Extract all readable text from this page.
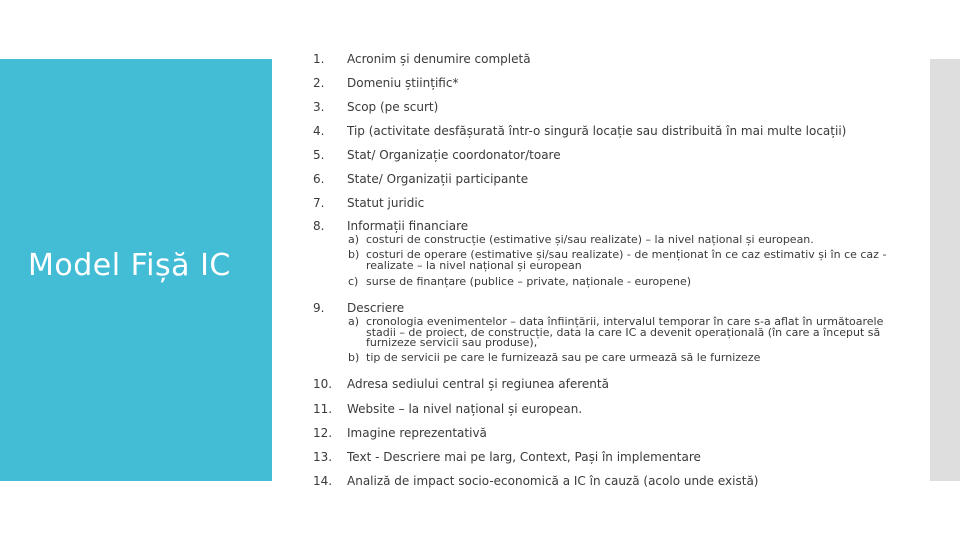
Model Fișă IC
1. Acronim și denumire completă
2. Domeniu științific*
3. Scop (pe scurt)
4. Tip (activitate desfășurată într-o singură locație sau distribuită în mai multe locații)
5. Stat/ Organizație coordonator/toare
6. State/ Organizații participante
7. Statut juridic
8. Informații financiare
a) costuri de construcție (estimative și/sau realizate) – la nivel național și european.
b) costuri de operare (estimative și/sau realizate) - de menționat în ce caz estimativ și în ce caz - realizate – la nivel național și european
c) surse de finanțare (publice – private, naționale - europene)
9. Descriere
a) cronologia evenimentelor – data înființării, intervalul temporar în care s-a aflat în următoarele stadii – de proiect, de construcție, data la care IC a devenit operațională (în care a început să furnizeze servicii sau produse),
b) tip de servicii pe care le furnizează sau pe care urmează să le furnizeze
10. Adresa sediului central și regiunea aferentă
11. Website – la nivel național și european.
12. Imagine reprezentativă
13. Text - Descriere mai pe larg, Context, Pași în implementare
14. Analiză de impact socio-economică a IC în cauză (acolo unde există)
